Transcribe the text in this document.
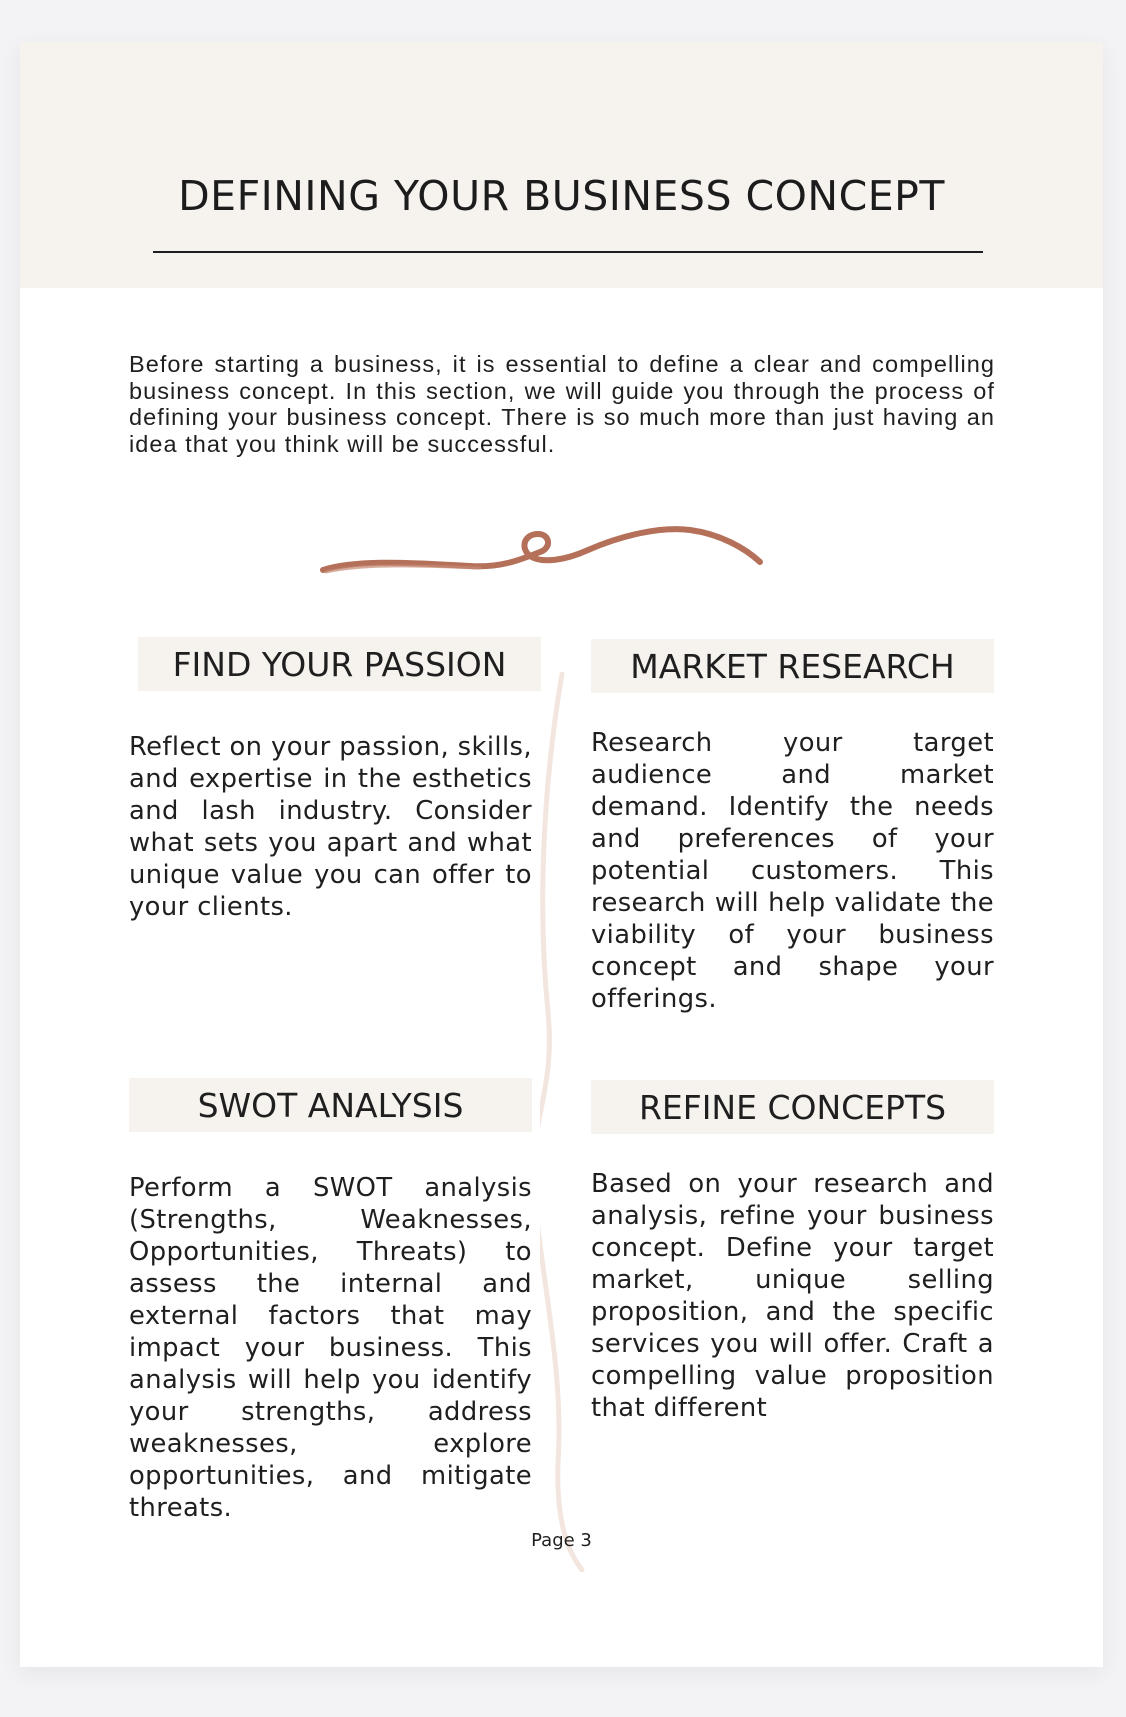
DEFINING YOUR BUSINESS CONCEPT

Before starting a business, it is essential to define a clear and compelling business concept. In this section, we will guide you through the process of defining your business concept. There is so much more than just having an idea that you think will be successful.

FIND YOUR PASSION

Reflect on your passion, skills, and expertise in the esthetics and lash industry. Consider what sets you apart and what unique value you can offer to your clients.

MARKET RESEARCH

Research your target audience and market demand. Identify the needs and preferences of your potential customers. This research will help validate the viability of your business concept and shape your offerings.

SWOT ANALYSIS

Perform a SWOT analysis (Strengths, Weaknesses, Opportunities, Threats) to assess the internal and external factors that may impact your business. This analysis will help you identify your strengths, address weaknesses, explore opportunities, and mitigate threats.

REFINE CONCEPTS

Based on your research and analysis, refine your business concept. Define your target market, unique selling proposition, and the specific services you will offer. Craft a compelling value proposition that different

Page 3
